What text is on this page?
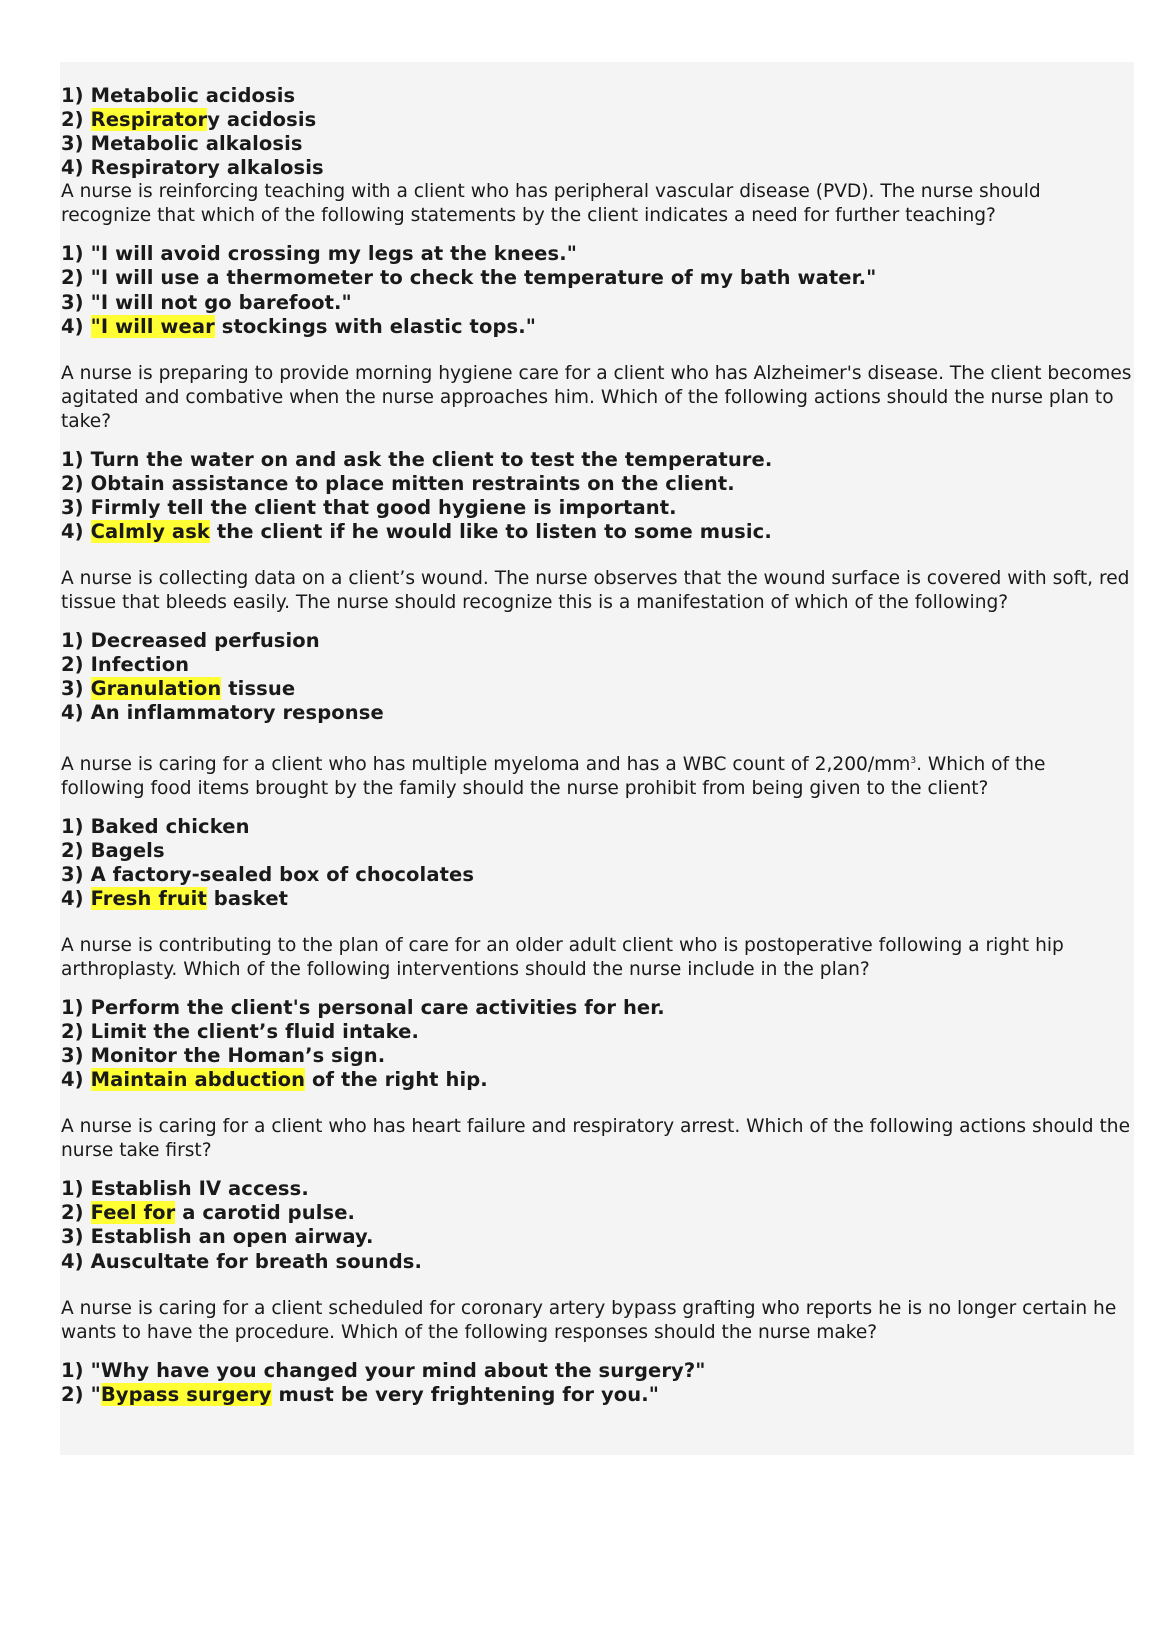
1) Metabolic acidosis
2) Respiratory acidosis
3) Metabolic alkalosis
4) Respiratory alkalosis

A nurse is reinforcing teaching with a client who has peripheral vascular disease (PVD). The nurse should recognize that which of the following statements by the client indicates a need for further teaching?

1) "I will avoid crossing my legs at the knees."
2) "I will use a thermometer to check the temperature of my bath water."
3) "I will not go barefoot."
4) "I will wear stockings with elastic tops."

A nurse is preparing to provide morning hygiene care for a client who has Alzheimer's disease. The client becomes agitated and combative when the nurse approaches him. Which of the following actions should the nurse plan to take?

1) Turn the water on and ask the client to test the temperature.
2) Obtain assistance to place mitten restraints on the client.
3) Firmly tell the client that good hygiene is important.
4) Calmly ask the client if he would like to listen to some music.

A nurse is collecting data on a client’s wound. The nurse observes that the wound surface is covered with soft, red tissue that bleeds easily. The nurse should recognize this is a manifestation of which of the following?

1) Decreased perfusion
2) Infection
3) Granulation tissue
4) An inflammatory response

A nurse is caring for a client who has multiple myeloma and has a WBC count of $2,200/mm^3$. Which of the following food items brought by the family should the nurse prohibit from being given to the client?

1) Baked chicken
2) Bagels
3) A factory-sealed box of chocolates
4) Fresh fruit basket

A nurse is contributing to the plan of care for an older adult client who is postoperative following a right hip arthroplasty. Which of the following interventions should the nurse include in the plan?

1) Perform the client's personal care activities for her.
2) Limit the client’s fluid intake.
3) Monitor the Homan’s sign.
4) Maintain abduction of the right hip.

A nurse is caring for a client who has heart failure and respiratory arrest. Which of the following actions should the nurse take first?

1) Establish IV access.
2) Feel for a carotid pulse.
3) Establish an open airway.
4) Auscultate for breath sounds.

A nurse is caring for a client scheduled for coronary artery bypass grafting who reports he is no longer certain he wants to have the procedure. Which of the following responses should the nurse make?

1) "Why have you changed your mind about the surgery?"
2) "Bypass surgery must be very frightening for you."
